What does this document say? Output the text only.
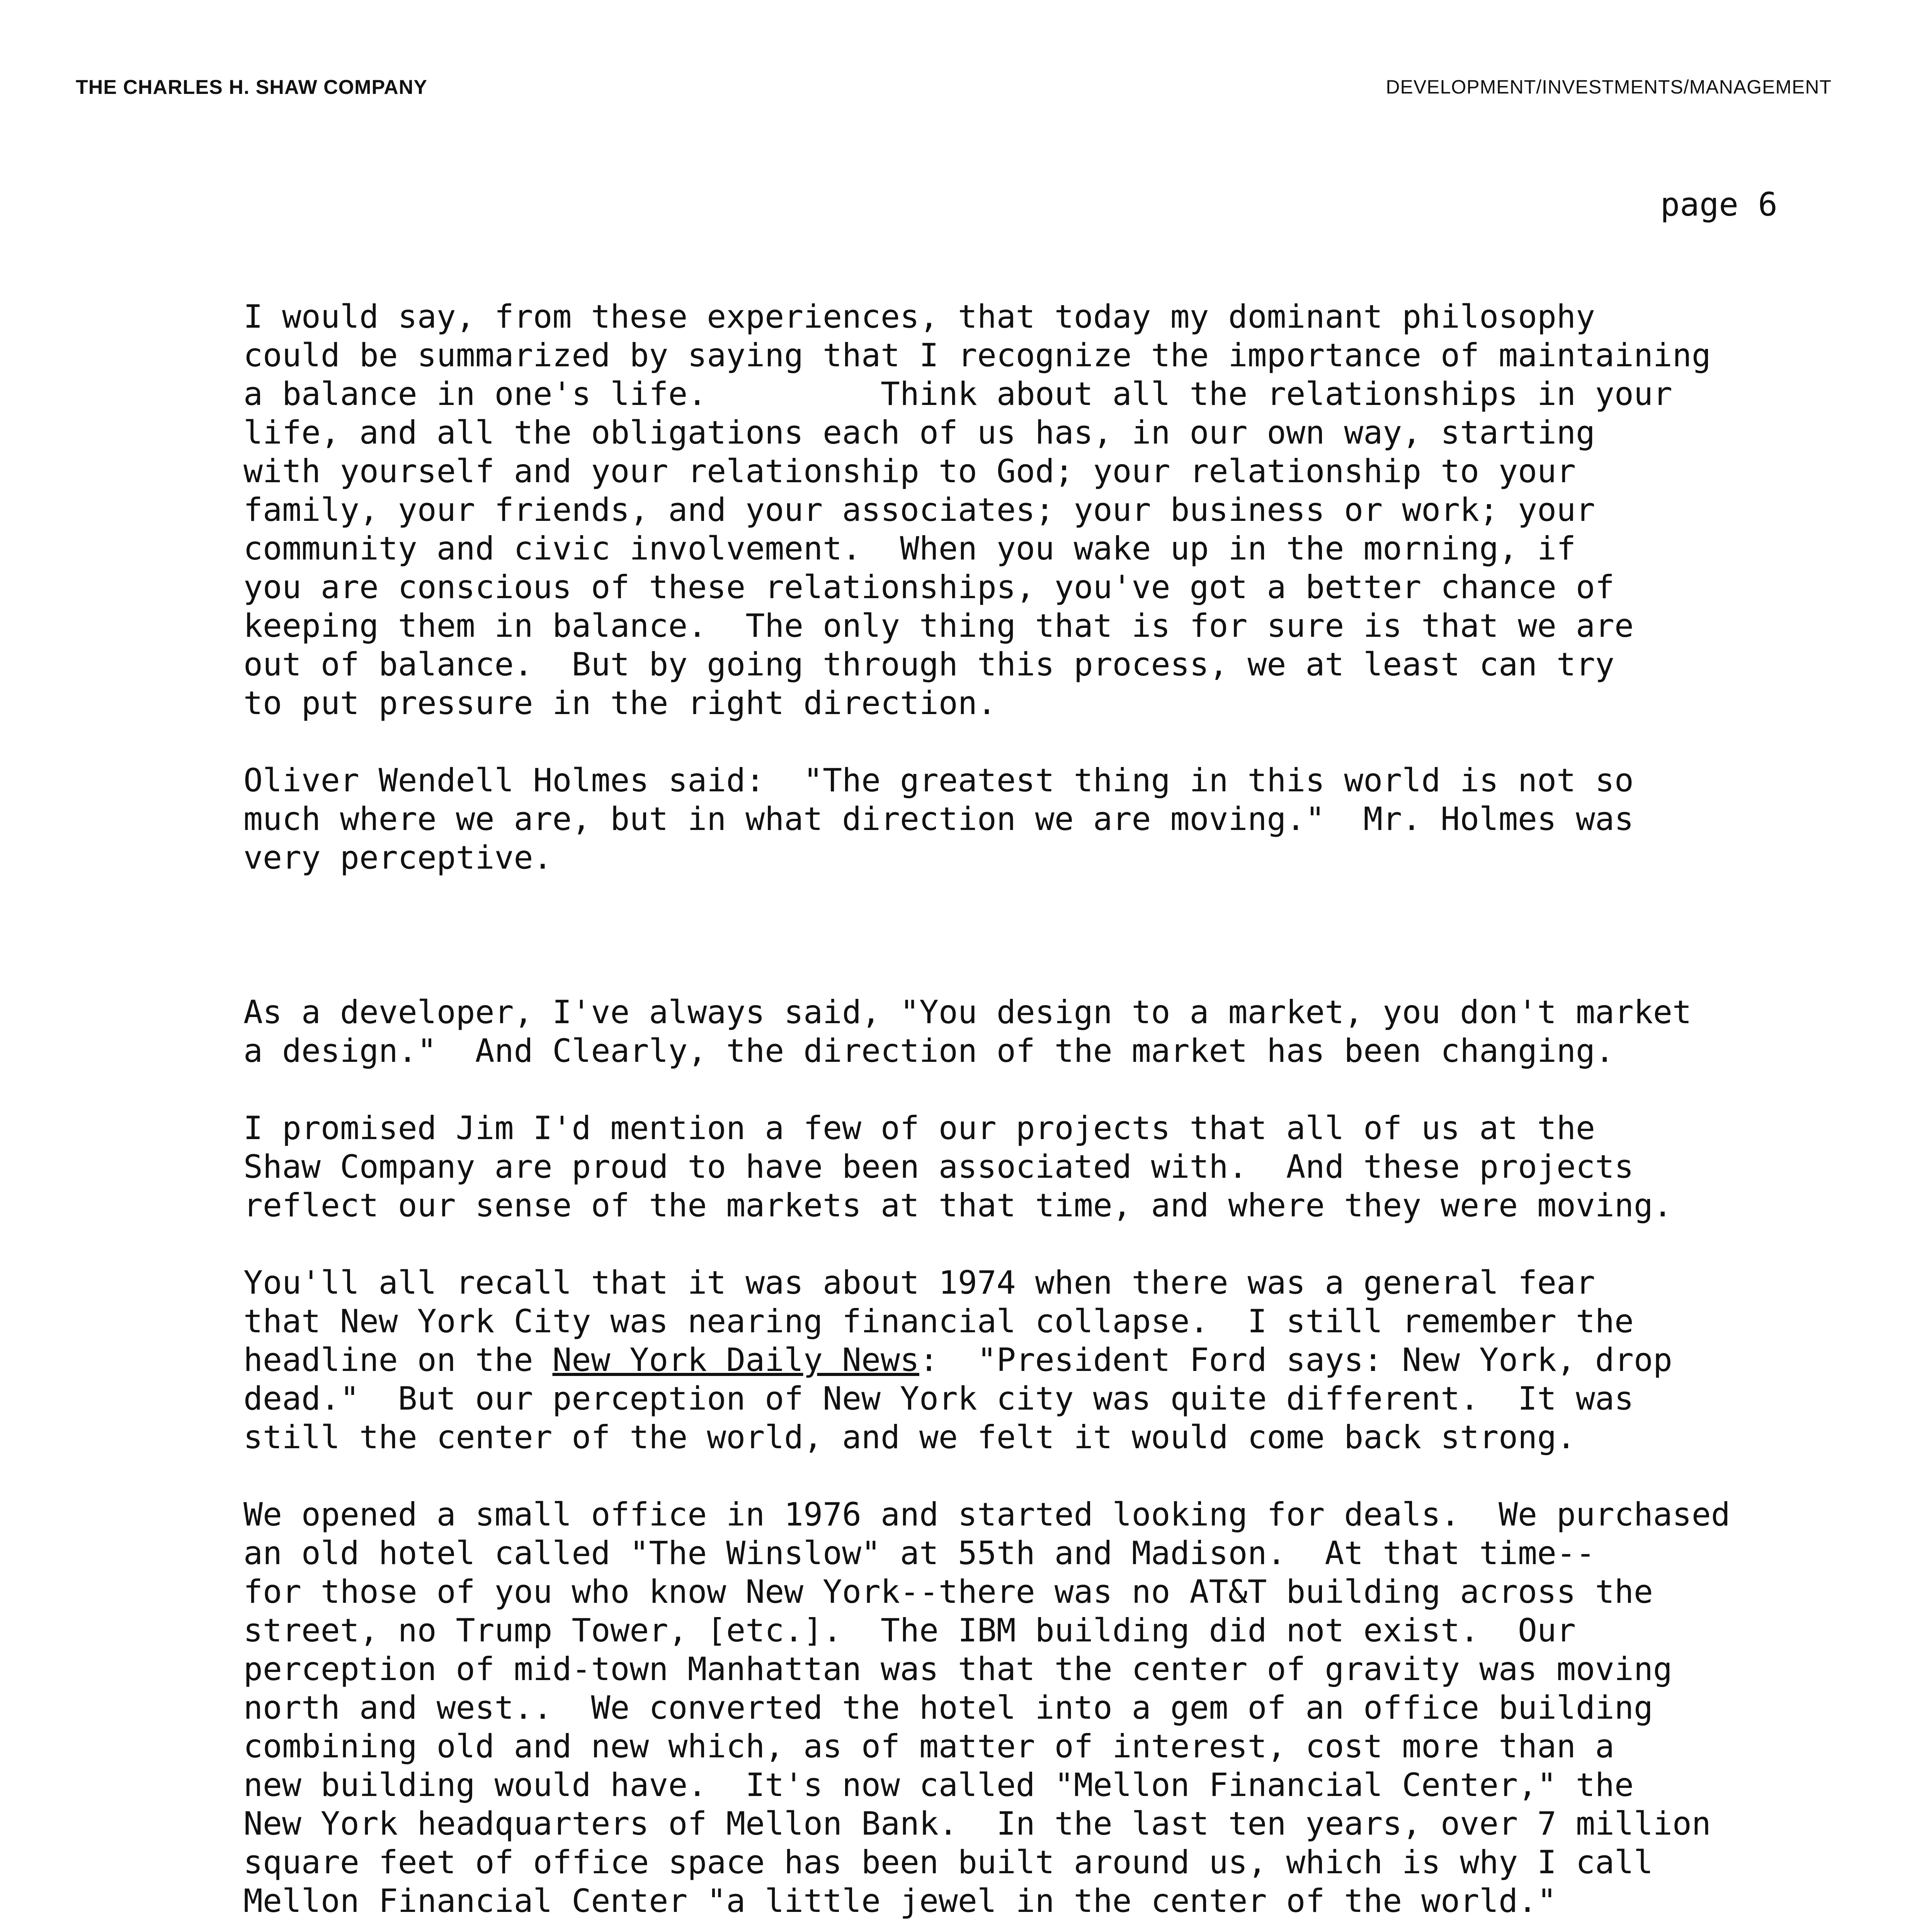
THE CHARLES H. SHAW COMPANY	DEVELOPMENT/INVESTMENTS/MANAGEMENT
page 6

I would say, from these experiences, that today my dominant philosophy
could be summarized by saying that I recognize the importance of maintaining
a balance in one's life.         Think about all the relationships in your
life, and all the obligations each of us has, in our own way, starting
with yourself and your relationship to God; your relationship to your
family, your friends, and your associates; your business or work; your
community and civic involvement.  When you wake up in the morning, if
you are conscious of these relationships, you've got a better chance of
keeping them in balance.  The only thing that is for sure is that we are
out of balance.  But by going through this process, we at least can try
to put pressure in the right direction.

Oliver Wendell Holmes said:  "The greatest thing in this world is not so
much where we are, but in what direction we are moving."  Mr. Holmes was
very perceptive.

As a developer, I've always said, "You design to a market, you don't market
a design."  And Clearly, the direction of the market has been changing.

I promised Jim I'd mention a few of our projects that all of us at the
Shaw Company are proud to have been associated with.  And these projects
reflect our sense of the markets at that time, and where they were moving.

You'll all recall that it was about 1974 when there was a general fear
that New York City was nearing financial collapse.  I still remember the
headline on the New York Daily News:  "President Ford says: New York, drop
dead."  But our perception of New York city was quite different.  It was
still the center of the world, and we felt it would come back strong.

We opened a small office in 1976 and started looking for deals.  We purchased
an old hotel called "The Winslow" at 55th and Madison.  At that time--
for those of you who know New York--there was no AT&T building across the
street, no Trump Tower, [etc.].  The IBM building did not exist.  Our
perception of mid-town Manhattan was that the center of gravity was moving
north and west..  We converted the hotel into a gem of an office building
combining old and new which, as of matter of interest, cost more than a
new building would have.  It's now called "Mellon Financial Center," the
New York headquarters of Mellon Bank.  In the last ten years, over 7 million
square feet of office space has been built around us, which is why I call
Mellon Financial Center "a little jewel in the center of the world."
